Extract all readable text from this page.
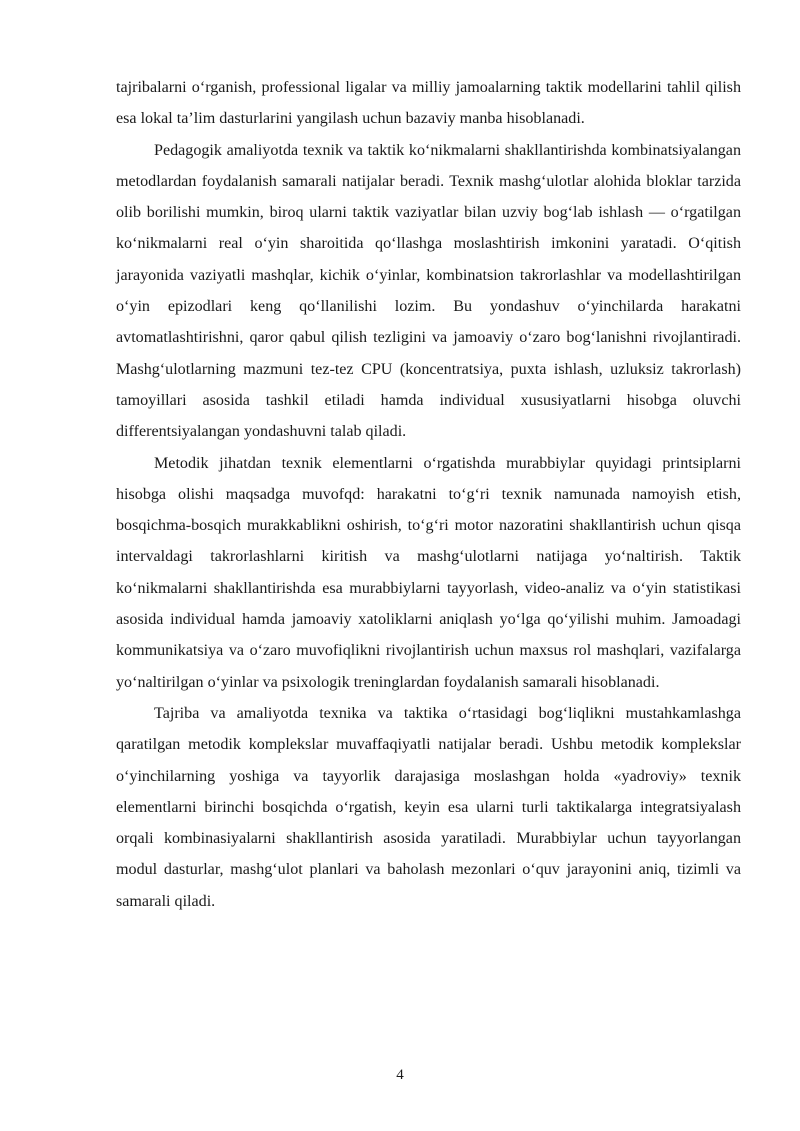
tajribalarni o‘rganish, professional ligalar va milliy jamoalarning taktik modellarini tahlil qilish esa lokal ta’lim dasturlarini yangilash uchun bazaviy manba hisoblanadi.

Pedagogik amaliyotda texnik va taktik ko‘nikmalarni shakllantirishda kombinatsiyalangan metodlardan foydalanish samarali natijalar beradi. Texnik mashg‘ulotlar alohida bloklar tarzida olib borilishi mumkin, biroq ularni taktik vaziyatlar bilan uzviy bog‘lab ishlash — o‘rgatilgan ko‘nikmalarni real o‘yin sharoitida qo‘llashga moslashtirish imkonini yaratadi. O‘qitish jarayonida vaziyatli mashqlar, kichik o‘yinlar, kombinatsion takrorlashlar va modellashtirilgan o‘yin epizodlari keng qo‘llanilishi lozim. Bu yondashuv o‘yinchilarda harakatni avtomatlashtirishni, qaror qabul qilish tezligini va jamoaviy o‘zaro bog‘lanishni rivojlantiradi. Mashg‘ulotlarning mazmuni tez-tez CPU (koncentratsiya, puxta ishlash, uzluksiz takrorlash) tamoyillari asosida tashkil etiladi hamda individual xususiyatlarni hisobga oluvchi differentsiyalangan yondashuvni talab qiladi.

Metodik jihatdan texnik elementlarni o‘rgatishda murabbiylar quyidagi printsiplarni hisobga olishi maqsadga muvofqd: harakatni to‘g‘ri texnik namunada namoyish etish, bosqichma-bosqich murakkablikni oshirish, to‘g‘ri motor nazoratini shakllantirish uchun qisqa intervaldagi takrorlashlarni kiritish va mashg‘ulotlarni natijaga yo‘naltirish. Taktik ko‘nikmalarni shakllantirishda esa murabbiylarni tayyorlash, video-analiz va o‘yin statistikasi asosida individual hamda jamoaviy xatoliklarni aniqlash yo‘lga qo‘yilishi muhim. Jamoadagi kommunikatsiya va o‘zaro muvofiqlikni rivojlantirish uchun maxsus rol mashqlari, vazifalarga yo‘naltirilgan o‘yinlar va psixologik treninglardan foydalanish samarali hisoblanadi.

Tajriba va amaliyotda texnika va taktika o‘rtasidagi bog‘liqlikni mustahkamlashga qaratilgan metodik komplekslar muvaffaqiyatli natijalar beradi. Ushbu metodik komplekslar o‘yinchilarning yoshiga va tayyorlik darajasiga moslashgan holda «yadroviy» texnik elementlarni birinchi bosqichda o‘rgatish, keyin esa ularni turli taktikalarga integratsiyalash orqali kombinasiyalarni shakllantirish asosida yaratiladi. Murabbiylar uchun tayyorlangan modul dasturlar, mashg‘ulot planlari va baholash mezonlari o‘quv jarayonini aniq, tizimli va samarali qiladi.

4
